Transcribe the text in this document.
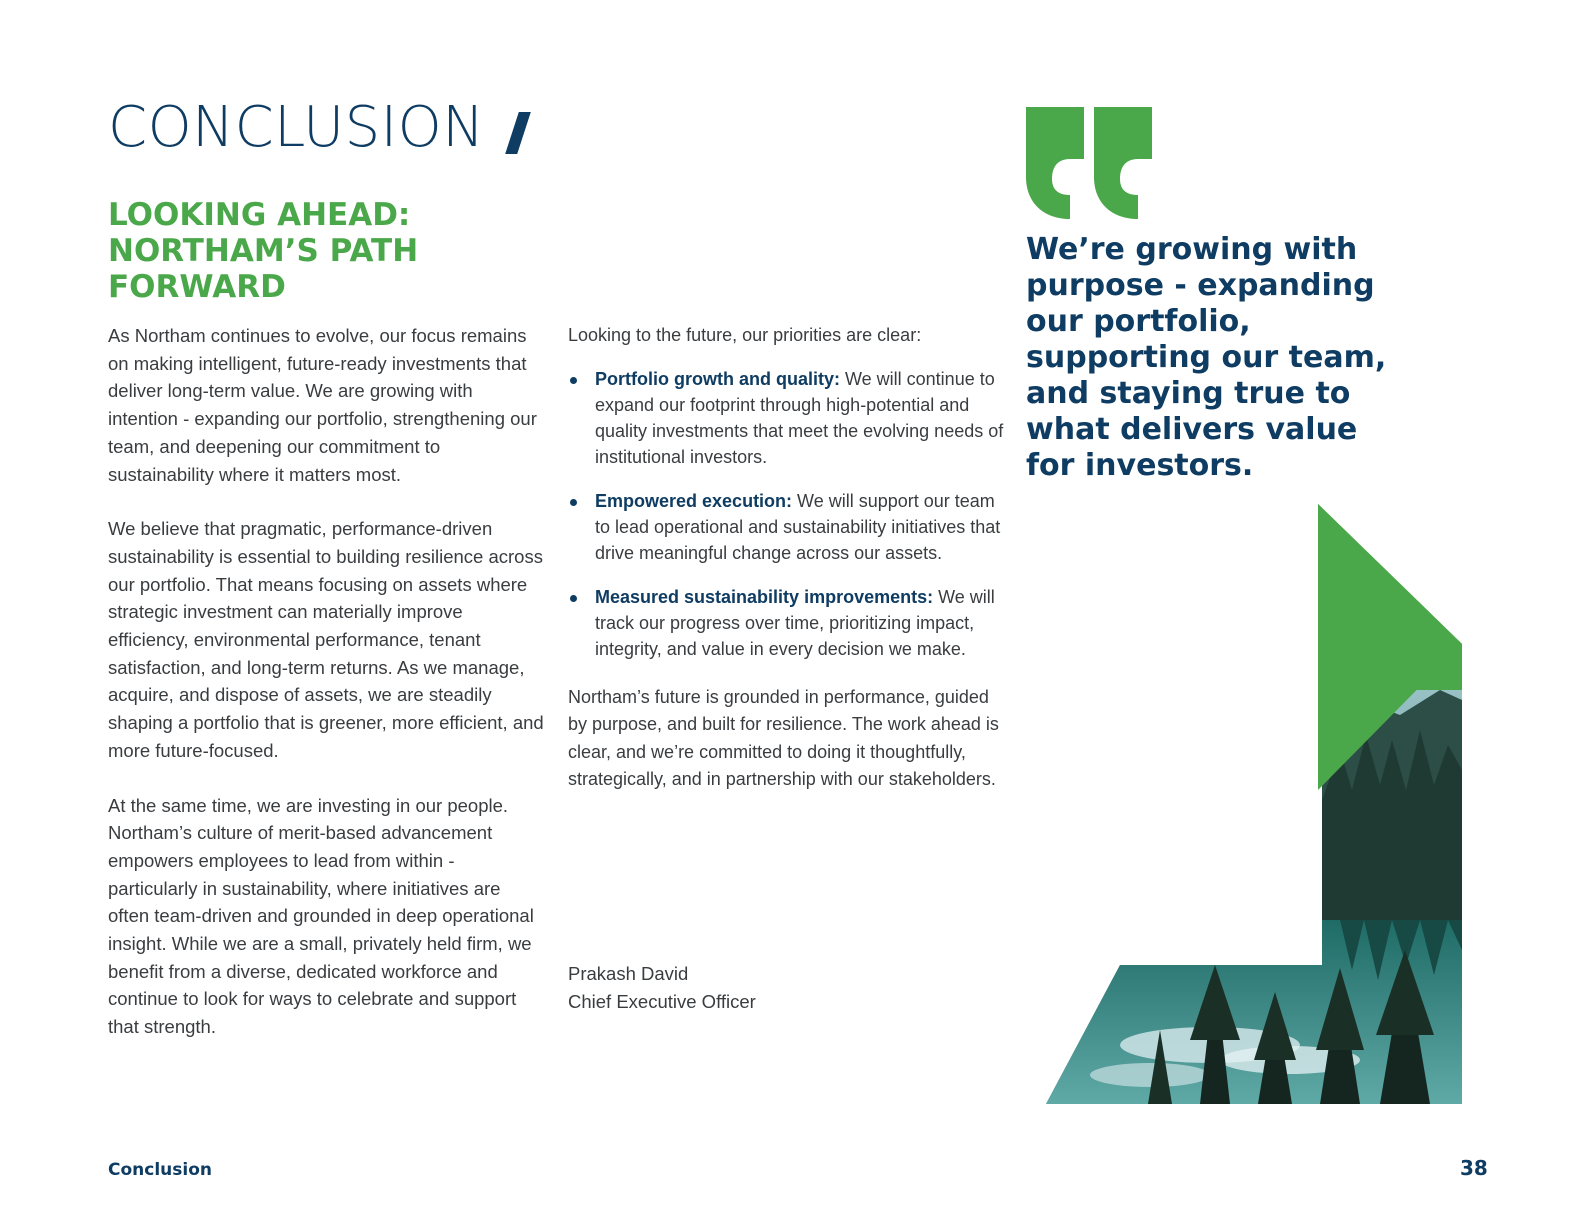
CONCLUSION
LOOKING AHEAD: NORTHAM’S PATH FORWARD

As Northam continues to evolve, our focus remains on making intelligent, future-ready investments that deliver long-term value. We are growing with intention - expanding our portfolio, strengthening our team, and deepening our commitment to sustainability where it matters most.

We believe that pragmatic, performance-driven sustainability is essential to building resilience across our portfolio. That means focusing on assets where strategic investment can materially improve efficiency, environmental performance, tenant satisfaction, and long-term returns. As we manage, acquire, and dispose of assets, we are steadily shaping a portfolio that is greener, more efficient, and more future-focused.

At the same time, we are investing in our people. Northam’s culture of merit-based advancement empowers employees to lead from within - particularly in sustainability, where initiatives are often team-driven and grounded in deep operational insight. While we are a small, privately held firm, we benefit from a diverse, dedicated workforce and continue to look for ways to celebrate and support that strength.

Looking to the future, our priorities are clear:

Portfolio growth and quality: We will continue to expand our footprint through high-potential and quality investments that meet the evolving needs of institutional investors.
Empowered execution: We will support our team to lead operational and sustainability initiatives that drive meaningful change across our assets.
Measured sustainability improvements: We will track our progress over time, prioritizing impact, integrity, and value in every decision we make.

Northam’s future is grounded in performance, guided by purpose, and built for resilience. The work ahead is clear, and we’re committed to doing it thoughtfully, strategically, and in partnership with our stakeholders.

Prakash David
Chief Executive Officer

We’re growing with purpose - expanding our portfolio, supporting our team, and staying true to what delivers value for investors.

Conclusion	38
